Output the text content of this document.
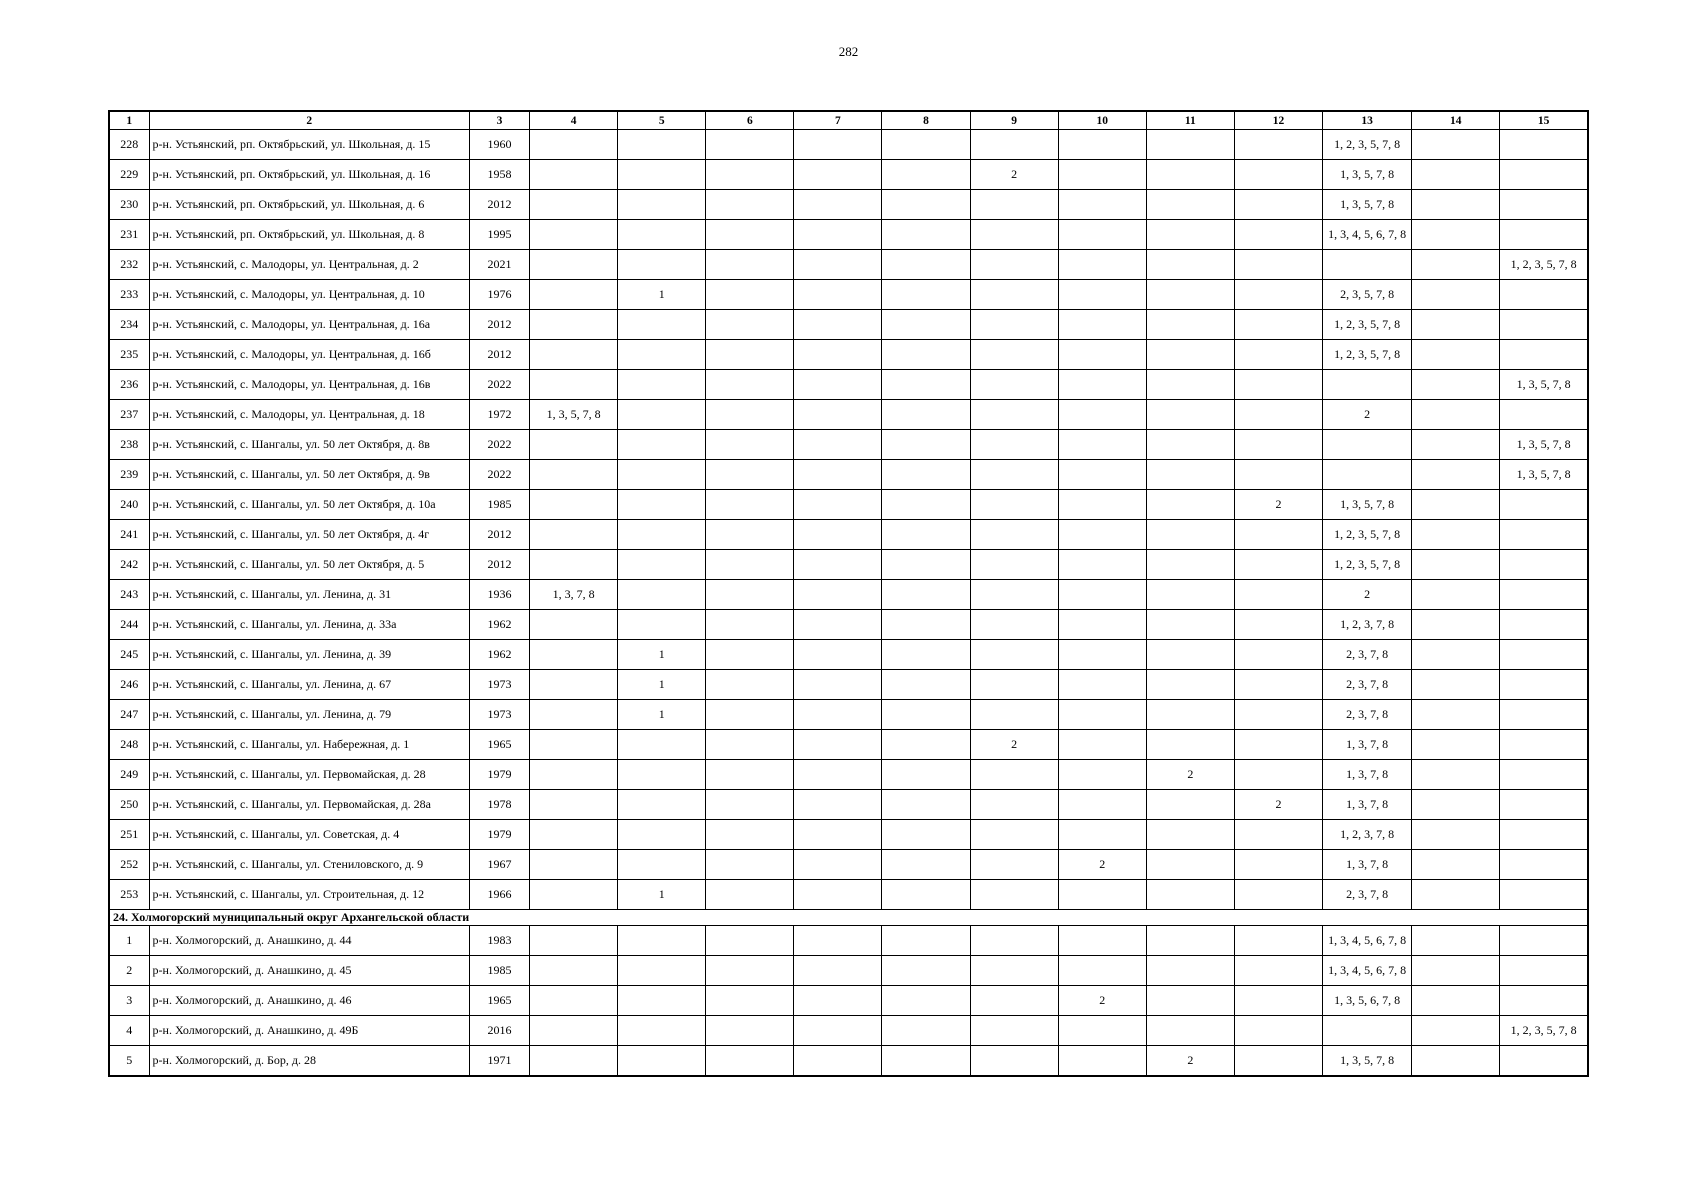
282
1	2	3	4	5	6	7	8	9	10	11	12	13	14	15
228	р-н. Устьянский, рп. Октябрьский, ул. Школьная, д. 15	1960										1, 2, 3, 5, 7, 8		
229	р-н. Устьянский, рп. Октябрьский, ул. Школьная, д. 16	1958						2				1, 3, 5, 7, 8		
230	р-н. Устьянский, рп. Октябрьский, ул. Школьная, д. 6	2012										1, 3, 5, 7, 8		
231	р-н. Устьянский, рп. Октябрьский, ул. Школьная, д. 8	1995										1, 3, 4, 5, 6, 7, 8		
232	р-н. Устьянский, с. Малодоры, ул. Центральная, д. 2	2021												1, 2, 3, 5, 7, 8
233	р-н. Устьянский, с. Малодоры, ул. Центральная, д. 10	1976		1								2, 3, 5, 7, 8		
234	р-н. Устьянский, с. Малодоры, ул. Центральная, д. 16а	2012										1, 2, 3, 5, 7, 8		
235	р-н. Устьянский, с. Малодоры, ул. Центральная, д. 16б	2012										1, 2, 3, 5, 7, 8		
236	р-н. Устьянский, с. Малодоры, ул. Центральная, д. 16в	2022												1, 3, 5, 7, 8
237	р-н. Устьянский, с. Малодоры, ул. Центральная, д. 18	1972	1, 3, 5, 7, 8									2		
238	р-н. Устьянский, с. Шангалы, ул. 50 лет Октября, д. 8в	2022												1, 3, 5, 7, 8
239	р-н. Устьянский, с. Шангалы, ул. 50 лет Октября, д. 9в	2022												1, 3, 5, 7, 8
240	р-н. Устьянский, с. Шангалы, ул. 50 лет Октября, д. 10а	1985									2	1, 3, 5, 7, 8		
241	р-н. Устьянский, с. Шангалы, ул. 50 лет Октября, д. 4г	2012										1, 2, 3, 5, 7, 8		
242	р-н. Устьянский, с. Шангалы, ул. 50 лет Октября, д. 5	2012										1, 2, 3, 5, 7, 8		
243	р-н. Устьянский, с. Шангалы, ул. Ленина, д. 31	1936	1, 3, 7, 8									2		
244	р-н. Устьянский, с. Шангалы, ул. Ленина, д. 33а	1962										1, 2, 3, 7, 8		
245	р-н. Устьянский, с. Шангалы, ул. Ленина, д. 39	1962		1								2, 3, 7, 8		
246	р-н. Устьянский, с. Шангалы, ул. Ленина, д. 67	1973		1								2, 3, 7, 8		
247	р-н. Устьянский, с. Шангалы, ул. Ленина, д. 79	1973		1								2, 3, 7, 8		
248	р-н. Устьянский, с. Шангалы, ул. Набережная, д. 1	1965						2				1, 3, 7, 8		
249	р-н. Устьянский, с. Шангалы, ул. Первомайская, д. 28	1979								2		1, 3, 7, 8		
250	р-н. Устьянский, с. Шангалы, ул. Первомайская, д. 28а	1978									2	1, 3, 7, 8		
251	р-н. Устьянский, с. Шангалы, ул. Советская, д. 4	1979										1, 2, 3, 7, 8		
252	р-н. Устьянский, с. Шангалы, ул. Стениловского, д. 9	1967							2			1, 3, 7, 8		
253	р-н. Устьянский, с. Шангалы, ул. Строительная, д. 12	1966		1								2, 3, 7, 8		
24. Холмогорский муниципальный округ Архангельской области														
1	р-н. Холмогорский, д. Анашкино, д. 44	1983										1, 3, 4, 5, 6, 7, 8		
2	р-н. Холмогорский, д. Анашкино, д. 45	1985										1, 3, 4, 5, 6, 7, 8		
3	р-н. Холмогорский, д. Анашкино, д. 46	1965							2			1, 3, 5, 6, 7, 8		
4	р-н. Холмогорский, д. Анашкино, д. 49Б	2016												1, 2, 3, 5, 7, 8
5	р-н. Холмогорский, д. Бор, д. 28	1971								2		1, 3, 5, 7, 8		
